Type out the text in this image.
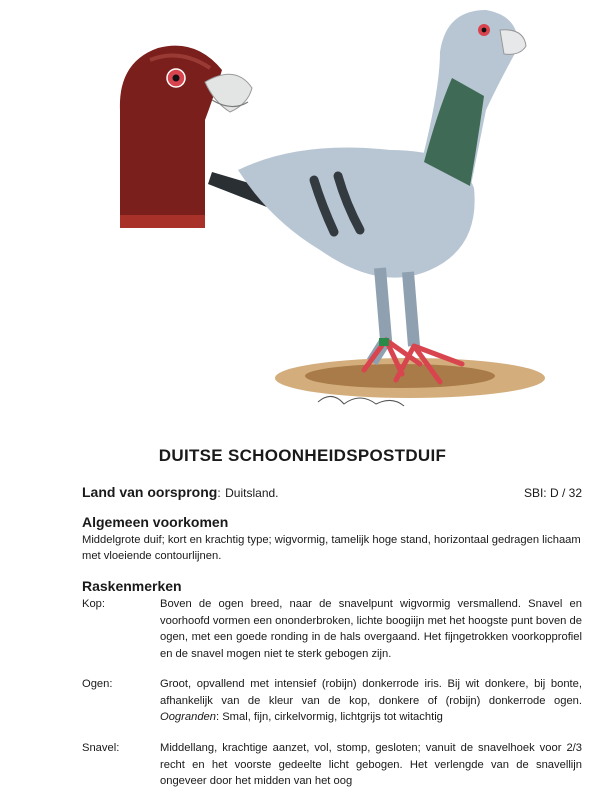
DUITSE SCHOONHEIDSPOSTDUIF
Land van oorsprong: Duitsland.	SBI: D / 32
Algemeen voorkomen
Middelgrote duif; kort en krachtig type; wigvormig, tamelijk hoge stand, horizontaal gedragen lichaam met vloeiende contourlijnen.
Raskenmerken
Kop:	Boven de ogen breed, naar de snavelpunt wigvormig versmallend. Snavel en voorhoofd vormen een ononderbroken, lichte boogiijn met het hoogste punt boven de ogen, met een goede ronding in de hals overgaand. Het fijngetrokken voorkopprofiel en de snavel mogen niet te sterk gebogen zijn.
Ogen:	Groot, opvallend met intensief (robijn) donkerrode iris. Bij wit donkere, bij bonte, afhankelijk van de kleur van de kop, donkere of (robijn) donkerrode ogen. Oogranden: Smal, fijn, cirkelvormig, lichtgrijs tot witachtig
Snavel:	Middellang, krachtige aanzet, vol, stomp, gesloten; vanuit de snavelhoek voor 2/3 recht en het voorste gedeelte licht gebogen. Het verlengde van de snavellijn ongeveer door het midden van het oog
